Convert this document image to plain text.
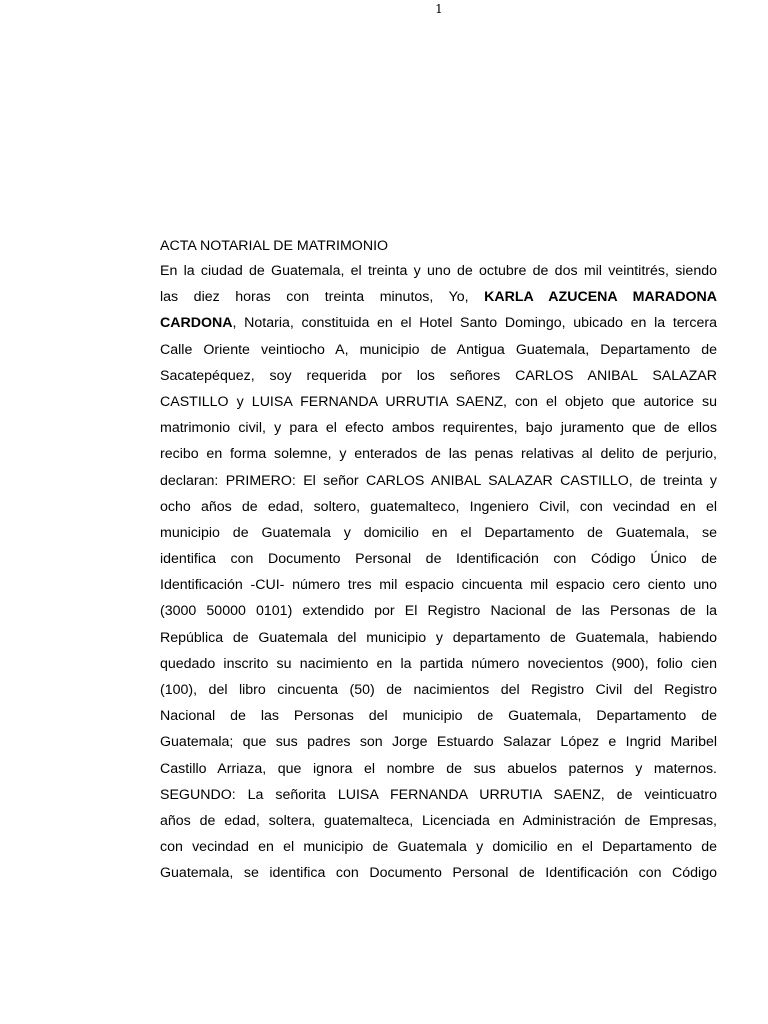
1
ACTA NOTARIAL DE MATRIMONIO
En la ciudad de Guatemala, el treinta y uno de octubre de dos mil veintitrés, siendo
las diez horas con treinta minutos, Yo, KARLA AZUCENA MARADONA
CARDONA, Notaria, constituida en el Hotel Santo Domingo, ubicado en la tercera
Calle Oriente veintiocho A, municipio de Antigua Guatemala, Departamento de
Sacatepéquez, soy requerida por los señores CARLOS ANIBAL SALAZAR
CASTILLO y LUISA FERNANDA URRUTIA SAENZ, con el objeto que autorice su
matrimonio civil, y para el efecto ambos requirentes, bajo juramento que de ellos
recibo en forma solemne, y enterados de las penas relativas al delito de perjurio,
declaran: PRIMERO: El señor CARLOS ANIBAL SALAZAR CASTILLO, de treinta y
ocho años de edad, soltero, guatemalteco, Ingeniero Civil, con vecindad en el
municipio de Guatemala y domicilio en el Departamento de Guatemala, se
identifica con Documento Personal de Identificación con Código Único de
Identificación -CUI- número tres mil espacio cincuenta mil espacio cero ciento uno
(3000 50000 0101) extendido por El Registro Nacional de las Personas de la
República de Guatemala del municipio y departamento de Guatemala, habiendo
quedado inscrito su nacimiento en la partida número novecientos (900), folio cien
(100), del libro cincuenta (50) de nacimientos del Registro Civil del Registro
Nacional de las Personas del municipio de Guatemala, Departamento de
Guatemala; que sus padres son Jorge Estuardo Salazar López e Ingrid Maribel
Castillo Arriaza, que ignora el nombre de sus abuelos paternos y maternos.
SEGUNDO: La señorita LUISA FERNANDA URRUTIA SAENZ, de veinticuatro
años de edad, soltera, guatemalteca, Licenciada en Administración de Empresas,
con vecindad en el municipio de Guatemala y domicilio en el Departamento de
Guatemala, se identifica con Documento Personal de Identificación con Código
